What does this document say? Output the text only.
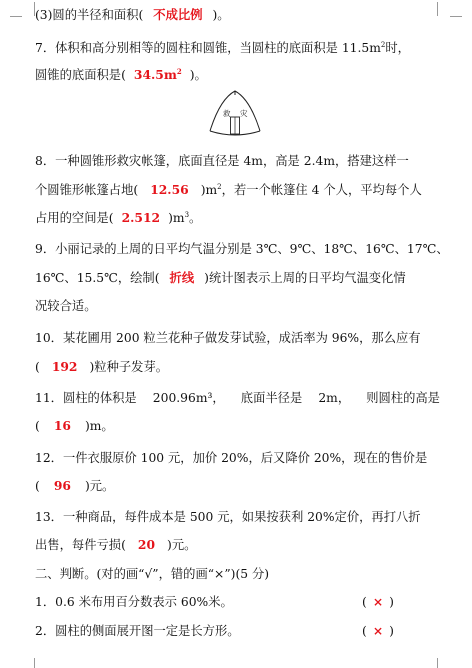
(3)圆的半径和面积( 不成比例 )。
7．体积和高分别相等的圆柱和圆锥，当圆柱的底面积是 $11.5m^2$时，
圆锥的底面积是( $34.5m^2$ )。
救 灾
8．一种圆锥形救灾帐篷，底面直径是 4m，高是 2.4m，搭建这样一
个圆锥形帐篷占地( 12.56 )$m^2$，若一个帐篷住 4 个人，平均每个人
占用的空间是( 2.512 )$m^3$。
9．小丽记录的上周的日平均气温分别是 3℃、9℃、18℃、16℃、17℃、
16℃、15.5℃，绘制( 折线 )统计图表示上周的日平均气温变化情
况较合适。
10．某花圃用 200 粒兰花种子做发芽试验，成活率为 96%，那么应有
( 192 )粒种子发芽。
11．圆柱的体积是 200.96m³， 底面半径是 2m， 则圆柱的高是
( 16 )m。
12．一件衣服原价 100 元，加价 20%，后又降价 20%，现在的售价是
( 96 )元。
13．一种商品，每件成本是 500 元，如果按获利 20%定价，再打八折
出售，每件亏损( 20 )元。
二、判断。(对的画“√”，错的画“×”)(5 分)
1．0.6 米布用百分数表示 60%米。	( × )
2．圆柱的侧面展开图一定是长方形。	( × )
